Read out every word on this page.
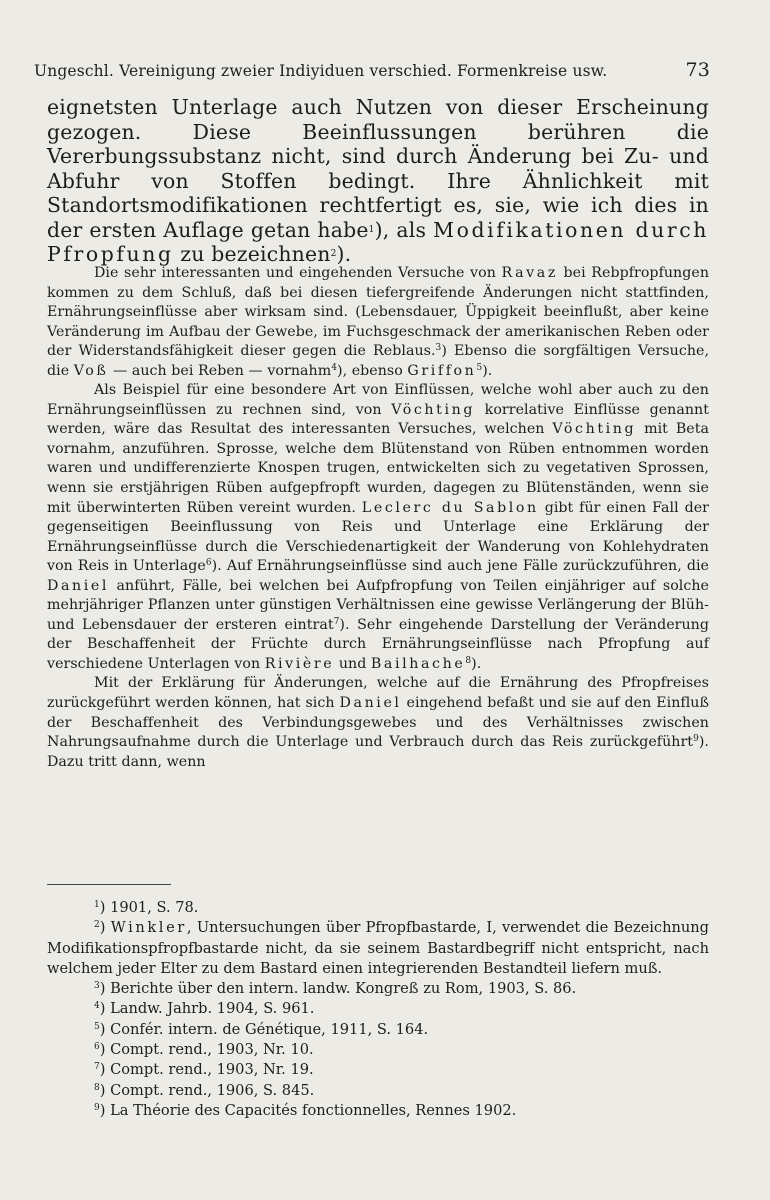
Ungeschl. Vereinigung zweier Indiyiduen verschied. Formenkreise usw.	73

eignetsten Unterlage auch Nutzen von dieser Erscheinung gezogen. Diese Beeinflussungen berühren die Vererbungssubstanz nicht, sind durch Änderung bei Zu- und Abfuhr von Stoffen bedingt. Ihre Ähnlichkeit mit Standortsmodifikationen rechtfertigt es, sie, wie ich dies in der ersten Auflage getan habe$^1$), als Modifikationen durch Pfropfung zu bezeichnen$^2$).

Die sehr interessanten und eingehenden Versuche von Ravaz bei Rebpfropfungen kommen zu dem Schluß, daß bei diesen tiefergreifende Änderungen nicht stattfinden, Ernährungseinflüsse aber wirksam sind. (Lebensdauer, Üppigkeit beeinflußt, aber keine Veränderung im Aufbau der Gewebe, im Fuchsgeschmack der amerikanischen Reben oder der Widerstandsfähigkeit dieser gegen die Reblaus.$^3$) Ebenso die sorgfältigen Versuche, die Voß — auch bei Reben — vornahm$^4$), ebenso Griffon$^5$).

Als Beispiel für eine besondere Art von Einflüssen, welche wohl aber auch zu den Ernährungseinflüssen zu rechnen sind, von Vöchting korrelative Einflüsse genannt werden, wäre das Resultat des interessanten Versuches, welchen Vöchting mit Beta vornahm, anzuführen. Sprosse, welche dem Blütenstand von Rüben entnommen worden waren und undifferenzierte Knospen trugen, entwickelten sich zu vegetativen Sprossen, wenn sie erstjährigen Rüben aufgepfropft wurden, dagegen zu Blütenständen, wenn sie mit überwinterten Rüben vereint wurden. Leclerc du Sablon gibt für einen Fall der gegenseitigen Beeinflussung von Reis und Unterlage eine Erklärung der Ernährungseinflüsse durch die Verschiedenartigkeit der Wanderung von Kohlehydraten von Reis in Unterlage$^6$). Auf Ernährungseinflüsse sind auch jene Fälle zurückzuführen, die Daniel anführt, Fälle, bei welchen bei Aufpfropfung von Teilen einjähriger auf solche mehrjähriger Pflanzen unter günstigen Verhältnissen eine gewisse Verlängerung der Blüh- und Lebensdauer der ersteren eintrat$^7$). Sehr eingehende Darstellung der Veränderung der Beschaffenheit der Früchte durch Ernährungseinflüsse nach Pfropfung auf verschiedene Unterlagen von Rivière und Bailhache$^8$).

Mit der Erklärung für Änderungen, welche auf die Ernährung des Pfropfreises zurückgeführt werden können, hat sich Daniel eingehend befaßt und sie auf den Einfluß der Beschaffenheit des Verbindungsgewebes und des Verhältnisses zwischen Nahrungsaufnahme durch die Unterlage und Verbrauch durch das Reis zurückgeführt$^9$). Dazu tritt dann, wenn

$^1$) 1901, S. 78.

$^2$) Winkler, Untersuchungen über Pfropfbastarde, I, verwendet die Bezeichnung Modifikationspfropfbastarde nicht, da sie seinem Bastardbegriff nicht entspricht, nach welchem jeder Elter zu dem Bastard einen integrierenden Bestandteil liefern muß.

$^3$) Berichte über den intern. landw. Kongreß zu Rom, 1903, S. 86.

$^4$) Landw. Jahrb. 1904, S. 961.

$^5$) Confér. intern. de Génétique, 1911, S. 164.

$^6$) Compt. rend., 1903, Nr. 10.

$^7$) Compt. rend., 1903, Nr. 19.

$^8$) Compt. rend., 1906, S. 845.

$^9$) La Théorie des Capacités fonctionnelles, Rennes 1902.
